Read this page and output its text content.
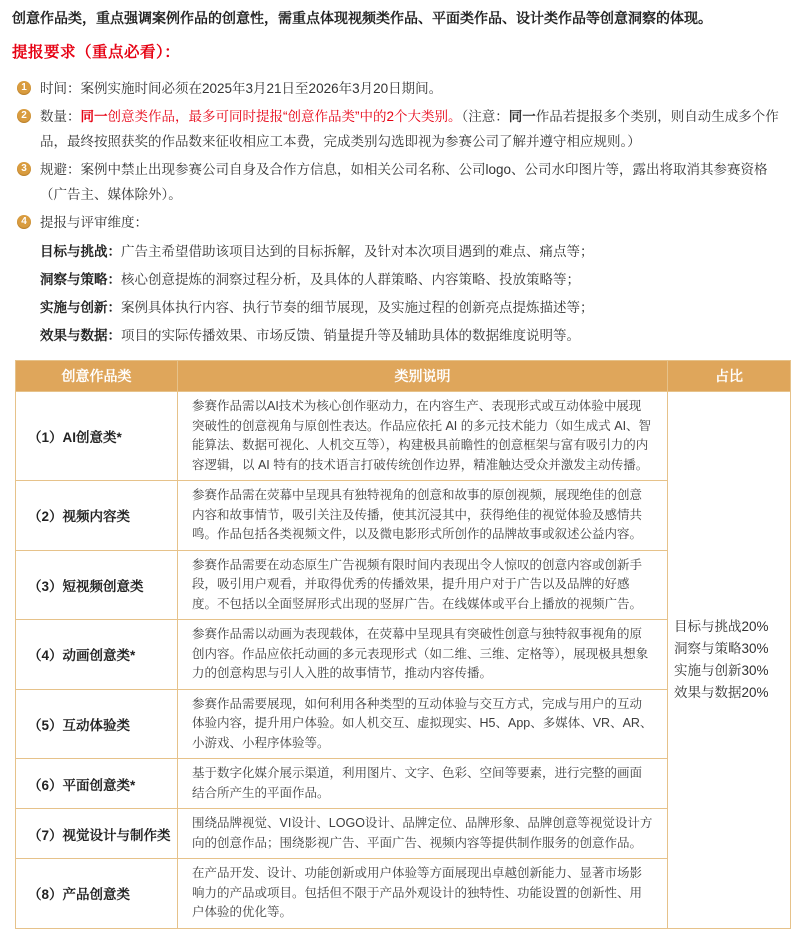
创意作品类，重点强调案例作品的创意性，需重点体现视频类作品、平面类作品、设计类作品等创意洞察的体现。

提报要求（重点必看）：
1 时间：案例实施时间必须在2025年3月21日至2026年3月20日期间。

2 数量：同一创意类作品，最多可同时提报“创意作品类”中的2个大类别。（注意：同一作品若提报多个类别，则自动生成多个作品，最终按照获奖的作品数来征收相应工本费，完成类别勾选即视为参赛公司了解并遵守相应规则。）

3 规避：案例中禁止出现参赛公司自身及合作方信息，如相关公司名称、公司logo、公司水印图片等，露出将取消其参赛资格（广告主、媒体除外）。

4 提报与评审维度：

目标与挑战：广告主希望借助该项目达到的目标拆解，及针对本次项目遇到的难点、痛点等；

洞察与策略：核心创意提炼的洞察过程分析，及具体的人群策略、内容策略、投放策略等；

实施与创新：案例具体执行内容、执行节奏的细节展现，及实施过程的创新亮点提炼描述等；

效果与数据：项目的实际传播效果、市场反馈、销量提升等及辅助具体的数据维度说明等。

创意作品类	类别说明	占比
（1）AI创意类*	参赛作品需以AI技术为核心创作驱动力，在内容生产、表现形式或互动体验中展现突破性的创意视角与原创性表达。作品应依托 AI 的多元技术能力（如生成式 AI、智能算法、数据可视化、人机交互等），构建极具前瞻性的创意框架与富有吸引力的内容逻辑，以 AI 特有的技术语言打破传统创作边界，精准触达受众并激发主动传播。	目标与挑战20%
洞察与策略30%
实施与创新30%
效果与数据20%

（2）视频内容类	参赛作品需在荧幕中呈现具有独特视角的创意和故事的原创视频，展现绝佳的创意内容和故事情节，吸引关注及传播，使其沉浸其中，获得绝佳的视觉体验及感情共鸣。作品包括各类视频文件，以及微电影形式所创作的品牌故事或叙述公益内容。	
（3）短视频创意类	参赛作品需要在动态原生广告视频有限时间内表现出令人惊叹的创意内容或创新手段，吸引用户观看，并取得优秀的传播效果，提升用户对于广告以及品牌的好感度。不包括以全面竖屏形式出现的竖屏广告。在线媒体或平台上播放的视频广告。	
（4）动画创意类*	参赛作品需以动画为表现载体，在荧幕中呈现具有突破性创意与独特叙事视角的原创内容。作品应依托动画的多元表现形式（如二维、三维、定格等），展现极具想象力的创意构思与引人入胜的故事情节，推动内容传播。	
（5）互动体验类	参赛作品需要展现，如何利用各种类型的互动体验与交互方式，完成与用户的互动体验内容，提升用户体验。如人机交互、虚拟现实、H5、App、多媒体、VR、AR、小游戏、小程序体验等。	
（6）平面创意类*	基于数字化媒介展示渠道，利用图片、文字、色彩、空间等要素，进行完整的画面结合所产生的平面作品。	
（7）视觉设计与制作类	围绕品牌视觉、VI设计、LOGO设计、品牌定位、品牌形象、品牌创意等视觉设计方向的创意作品；围绕影视广告、平面广告、视频内容等提供制作服务的创意作品。	
（8）产品创意类	在产品开发、设计、功能创新或用户体验等方面展现出卓越创新能力、显著市场影响力的产品或项目。包括但不限于产品外观设计的独特性、功能设置的创新性、用户体验的优化等。	
